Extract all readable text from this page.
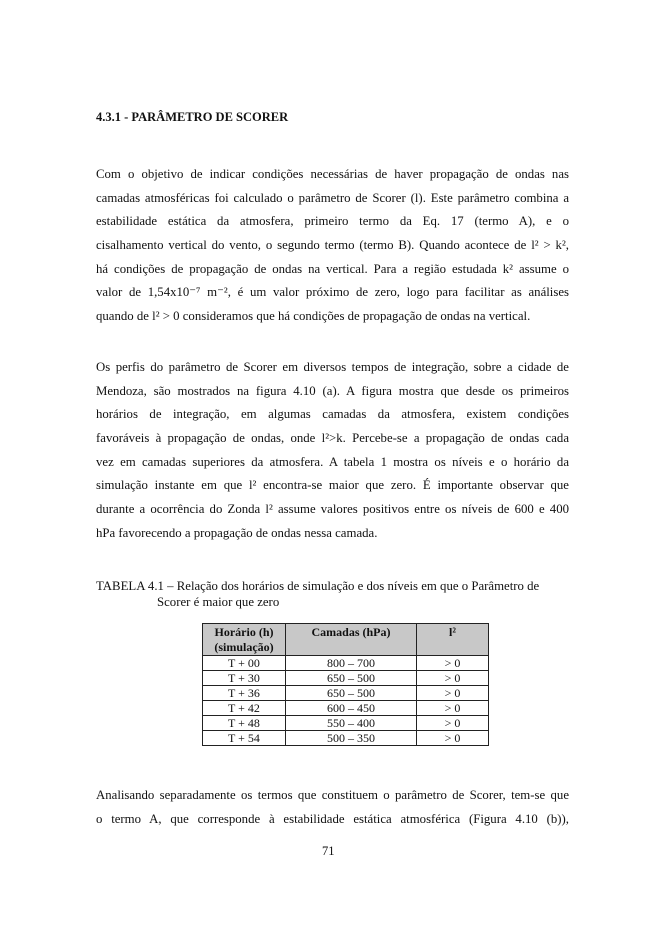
4.3.1 - PARÂMETRO DE SCORER
Com o objetivo de indicar condições necessárias de haver propagação de ondas nas
camadas atmosféricas foi calculado o parâmetro de Scorer (l). Este parâmetro combina a
estabilidade estática da atmosfera, primeiro termo da Eq. 17 (termo A), e o
cisalhamento vertical do vento, o segundo termo (termo B). Quando acontece de l² > k²,
há condições de propagação de ondas na vertical. Para a região estudada k² assume o
valor de 1,54x10⁻⁷ m⁻², é um valor próximo de zero, logo para facilitar as análises
quando de l² > 0 consideramos que há condições de propagação de ondas na vertical.
Os perfis do parâmetro de Scorer em diversos tempos de integração, sobre a cidade de
Mendoza, são mostrados na figura 4.10 (a). A figura mostra que desde os primeiros
horários de integração, em algumas camadas da atmosfera, existem condições
favoráveis à propagação de ondas, onde l²>k. Percebe-se a propagação de ondas cada
vez em camadas superiores da atmosfera. A tabela 1 mostra os níveis e o horário da
simulação instante em que l² encontra-se maior que zero. É importante observar que
durante a ocorrência do Zonda l² assume valores positivos entre os níveis de 600 e 400
hPa favorecendo a propagação de ondas nessa camada.
TABELA 4.1 – Relação dos horários de simulação e dos níveis em que o Parâmetro de
Scorer é maior que zero
Horário (h) (simulação)	Camadas (hPa)	l²
T + 00	800 – 700	> 0
T + 30	650 – 500	> 0
T + 36	650 – 500	> 0
T + 42	600 – 450	> 0
T + 48	550 – 400	> 0
T + 54	500 – 350	> 0
Analisando separadamente os termos que constituem o parâmetro de Scorer, tem-se que
o termo A, que corresponde à estabilidade estática atmosférica (Figura 4.10 (b)),
71
